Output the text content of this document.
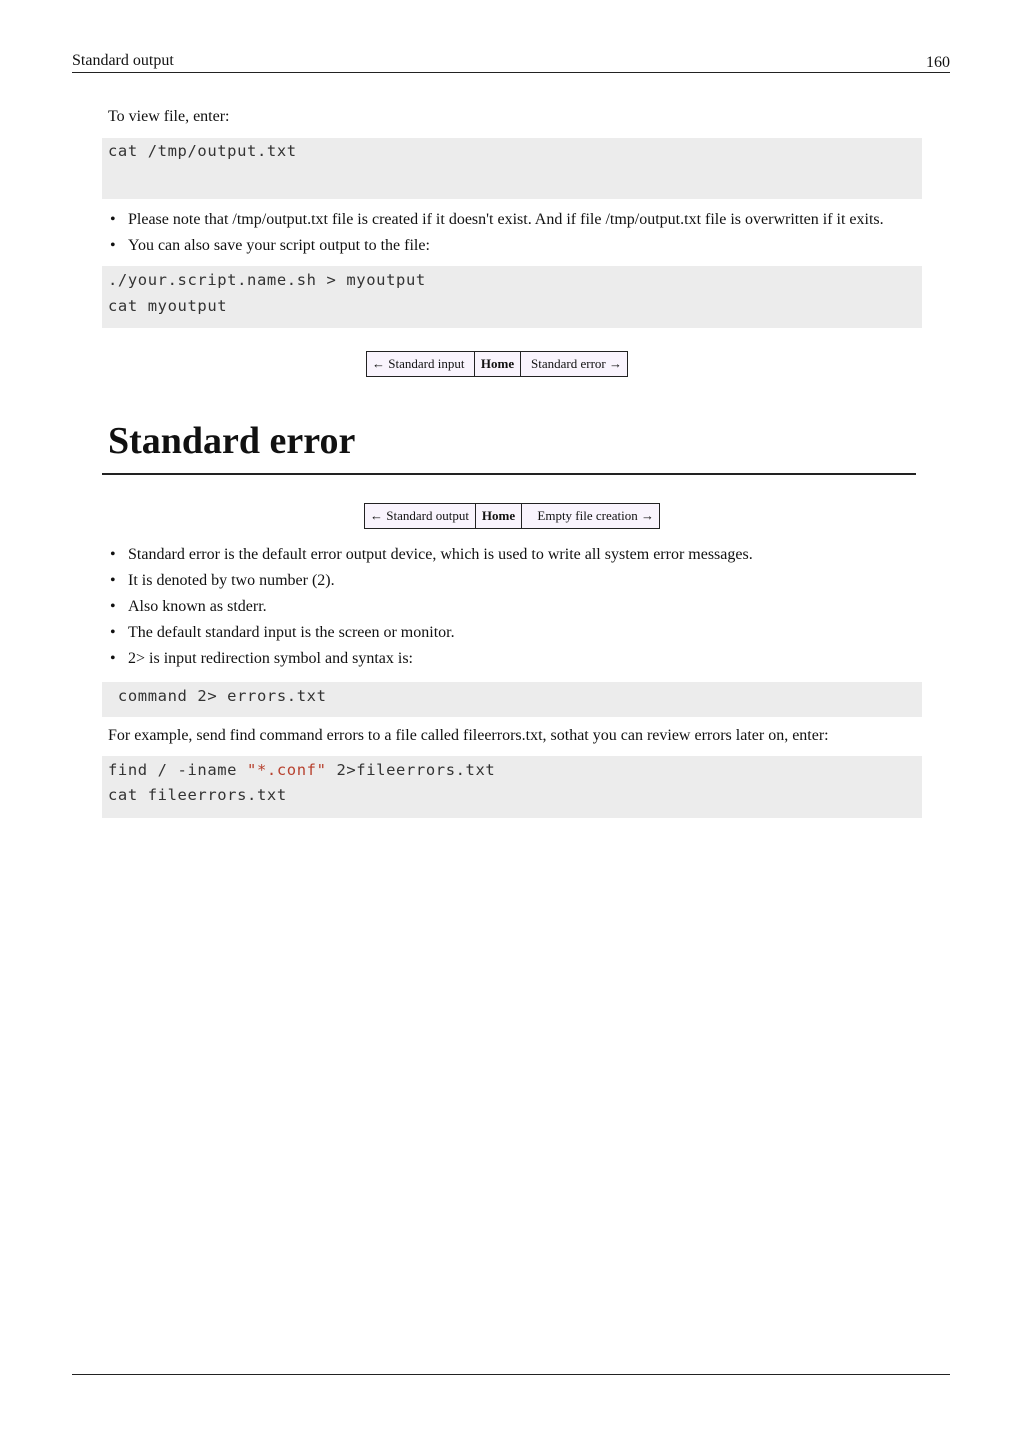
Standard output	160

To view file, enter:

cat /tmp/output.txt
• Please note that /tmp/output.txt file is created if it doesn't exist. And if file /tmp/output.txt file is overwritten if it exits.
• You can also save your script output to the file:
./your.script.name.sh > myoutput
cat myoutput
← Standard input	Home	Standard error →
Standard error
← Standard output	Home	Empty file creation →
• Standard error is the default error output device, which is used to write all system error messages.
• It is denoted by two number (2).
• Also known as stderr.
• The default standard input is the screen or monitor.
• 2> is input redirection symbol and syntax is:
command 2> errors.txt

For example, send find command errors to a file called fileerrors.txt, sothat you can review errors later on, enter:

find / -iname "*.conf" 2>fileerrors.txt
cat fileerrors.txt
